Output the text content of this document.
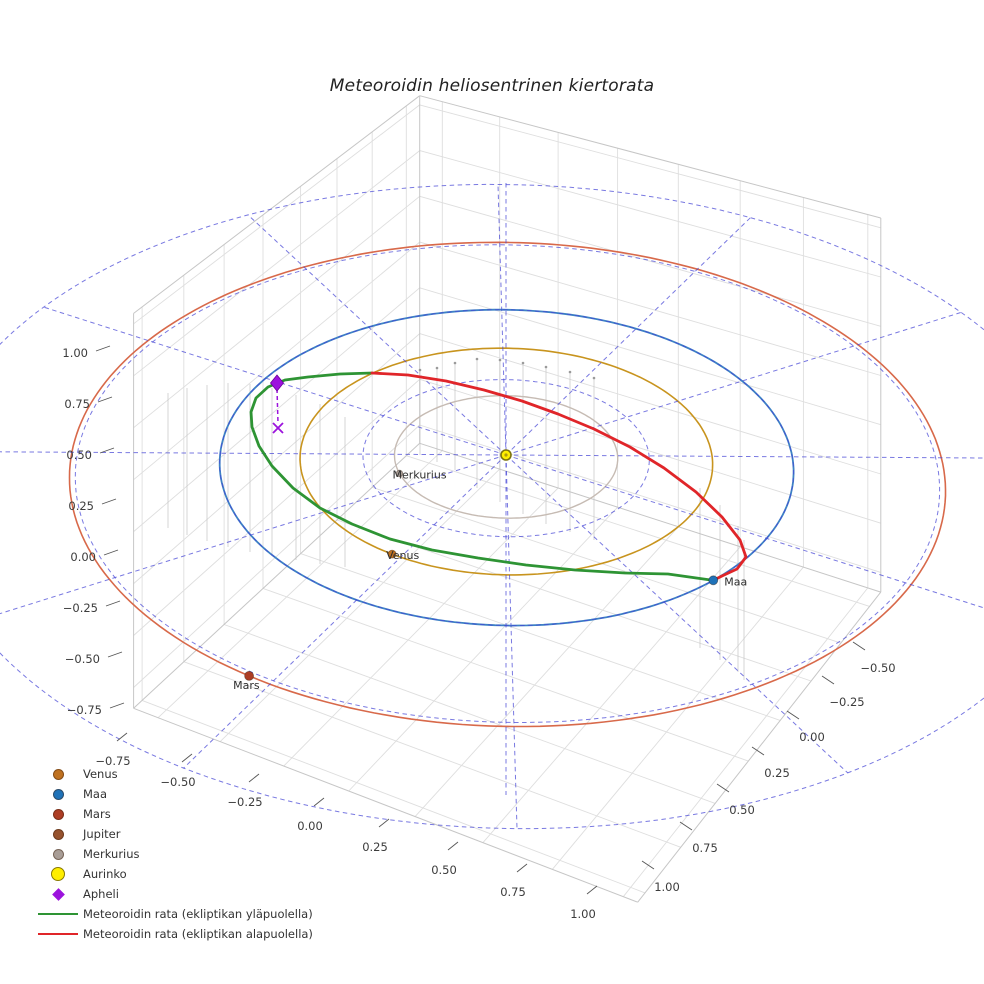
Merkurius
Venus
Maa
Mars
−0.75
−0.50
−0.25
0.00
0.25
0.50
0.75
1.00
−0.50
−0.25
0.00
0.25
0.50
0.75
1.00
1.00
0.75
0.50
0.25
0.00
−0.25
−0.50
−0.75
Meteoroidin heliosentrinen kiertorata
Venus
Maa
Mars
Jupiter
Merkurius
Aurinko
Apheli
Meteoroidin rata (ekliptikan yläpuolella)
Meteoroidin rata (ekliptikan alapuolella)
